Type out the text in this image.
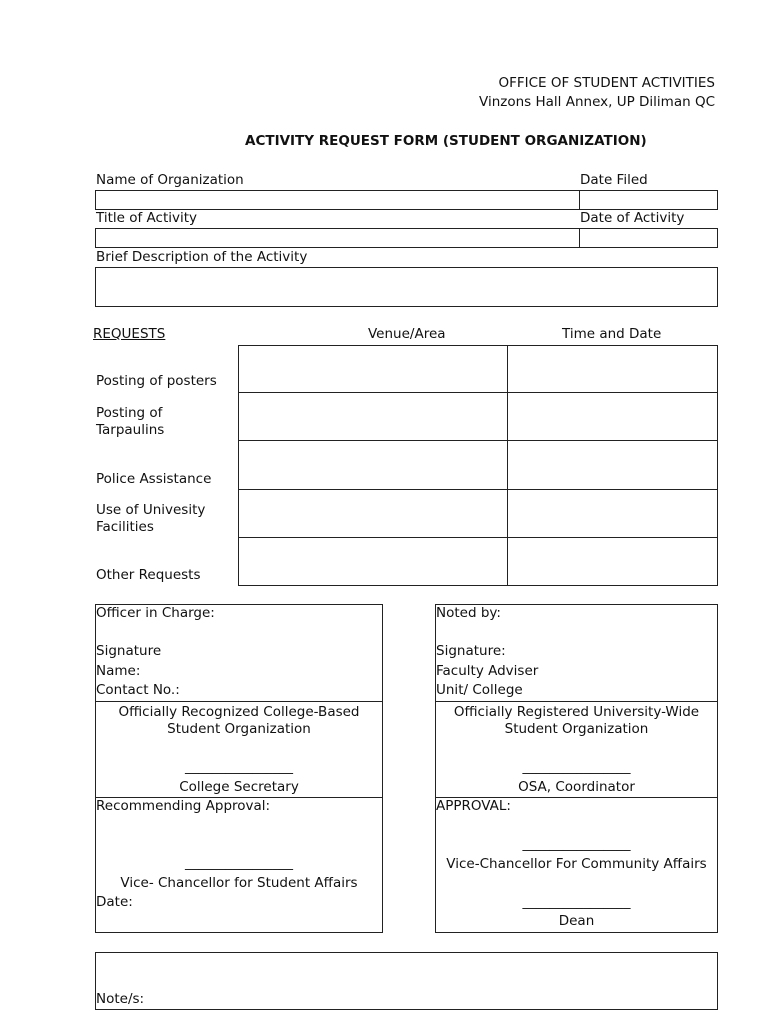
OFFICE OF STUDENT ACTIVITIES
Vinzons Hall Annex, UP Diliman QC
ACTIVITY REQUEST FORM (STUDENT ORGANIZATION)
Name of Organization	Date Filed
Title of Activity	Date of Activity
Brief Description of the Activity
REQUESTS	Venue/Area	Time and Date
Posting of posters
Posting of Tarpaulins
Police Assistance
Use of Univesity Facilities
Other Requests
Officer in Charge:
Signature
Name:
Contact No.:
Officially Recognized College-Based Student Organization
________________
College Secretary
Recommending Approval:
________________
Vice- Chancellor for Student Affairs
Date:
Noted by:
Signature:
Faculty Adviser
Unit/ College
Officially Registered University-Wide Student Organization
________________
OSA, Coordinator
APPROVAL:
________________
Vice-Chancellor For Community Affairs
________________
Dean
Note/s:
